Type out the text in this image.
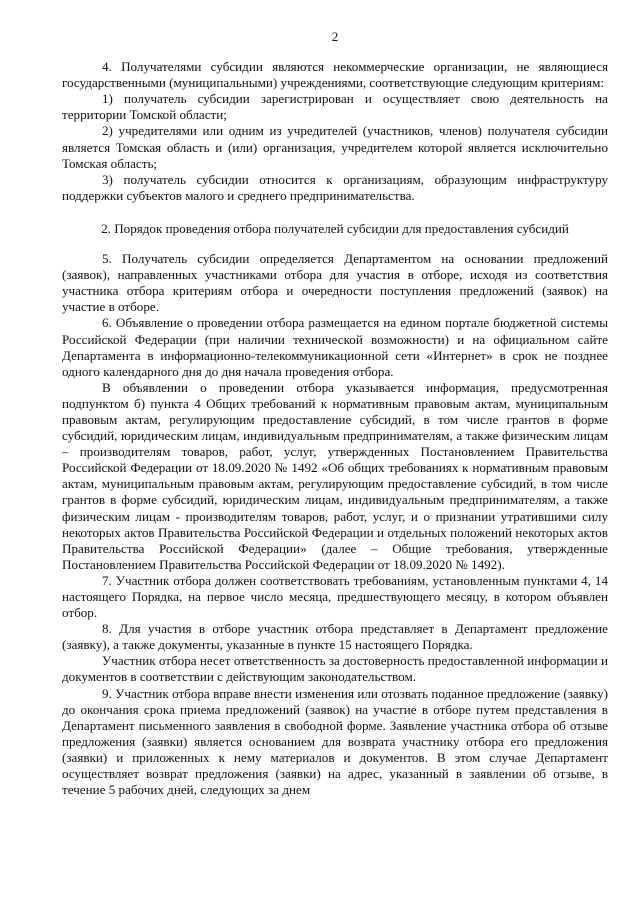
2

4. Получателями субсидии являются некоммерческие организации, не являющиеся государственными (муниципальными) учреждениями, соответствующие следующим критериям:

1) получатель субсидии зарегистрирован и осуществляет свою деятельность на территории Томской области;

2) учредителями или одним из учредителей (участников, членов) получателя субсидии является Томская область и (или) организация, учредителем которой является исключительно Томская область;

3) получатель субсидии относится к организациям, образующим инфраструктуру поддержки субъектов малого и среднего предпринимательства.

2. Порядок проведения отбора получателей субсидии для предоставления субсидий

5. Получатель субсидии определяется Департаментом на основании предложений (заявок), направленных участниками отбора для участия в отборе, исходя из соответствия участника отбора критериям отбора и очередности поступления предложений (заявок) на участие в отборе.

6. Объявление о проведении отбора размещается на едином портале бюджетной системы Российской Федерации (при наличии технической возможности) и на официальном сайте Департамента в информационно-телекоммуникационной сети «Интернет» в срок не позднее одного календарного дня до дня начала проведения отбора.

В объявлении о проведении отбора указывается информация, предусмотренная подпунктом б) пункта 4 Общих требований к нормативным правовым актам, муниципальным правовым актам, регулирующим предоставление субсидий, в том числе грантов в форме субсидий, юридическим лицам, индивидуальным предпринимателям, а также физическим лицам – производителям товаров, работ, услуг, утвержденных Постановлением Правительства Российской Федерации от 18.09.2020 № 1492 «Об общих требованиях к нормативным правовым актам, муниципальным правовым актам, регулирующим предоставление субсидий, в том числе грантов в форме субсидий, юридическим лицам, индивидуальным предпринимателям, а также физическим лицам - производителям товаров, работ, услуг, и о признании утратившими силу некоторых актов Правительства Российской Федерации и отдельных положений некоторых актов Правительства Российской Федерации» (далее – Общие требования, утвержденные Постановлением Правительства Российской Федерации от 18.09.2020 № 1492).

7. Участник отбора должен соответствовать требованиям, установленным пунктами 4, 14 настоящего Порядка, на первое число месяца, предшествующего месяцу, в котором объявлен отбор.

8. Для участия в отборе участник отбора представляет в Департамент предложение (заявку), а также документы, указанные в пункте 15 настоящего Порядка.

Участник отбора несет ответственность за достоверность предоставленной информации и документов в соответствии с действующим законодательством.

9. Участник отбора вправе внести изменения или отозвать поданное предложение (заявку) до окончания срока приема предложений (заявок) на участие в отборе путем представления в Департамент письменного заявления в свободной форме. Заявление участника отбора об отзыве предложения (заявки) является основанием для возврата участнику отбора его предложения (заявки) и приложенных к нему материалов и документов. В этом случае Департамент осуществляет возврат предложения (заявки) на адрес, указанный в заявлении об отзыве, в течение 5 рабочих дней, следующих за днем
